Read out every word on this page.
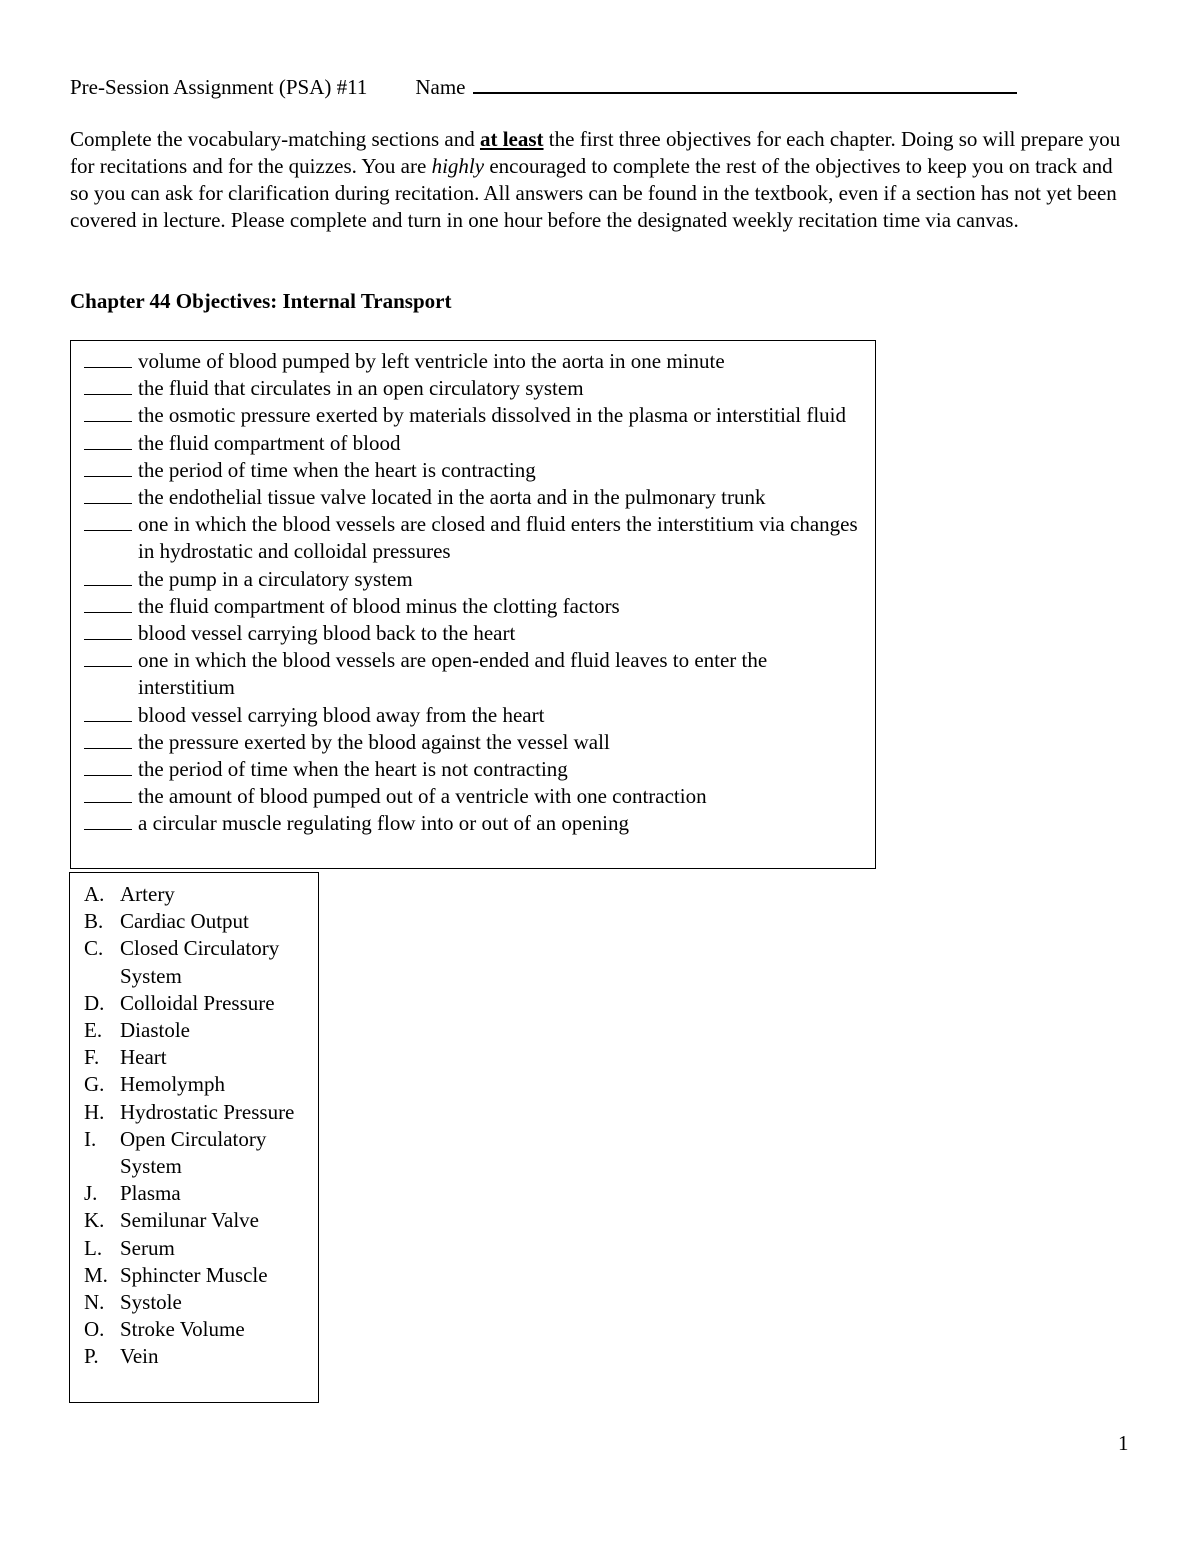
Pre-Session Assignment (PSA) #11 Name

Complete the vocabulary-matching sections and at least the first three objectives for each chapter. Doing so will prepare you for recitations and for the quizzes. You are highly encouraged to complete the rest of the objectives to keep you on track and so you can ask for clarification during recitation. All answers can be found in the textbook, even if a section has not yet been covered in lecture. Please complete and turn in one hour before the designated weekly recitation time via canvas.

Chapter 44 Objectives: Internal Transport
volume of blood pumped by left ventricle into the aorta in one minute
the fluid that circulates in an open circulatory system
the osmotic pressure exerted by materials dissolved in the plasma or interstitial fluid
the fluid compartment of blood
the period of time when the heart is contracting
the endothelial tissue valve located in the aorta and in the pulmonary trunk
one in which the blood vessels are closed and fluid enters the interstitium via changes in hydrostatic and colloidal pressures
the pump in a circulatory system
the fluid compartment of blood minus the clotting factors
blood vessel carrying blood back to the heart
one in which the blood vessels are open-ended and fluid leaves to enter the interstitium
blood vessel carrying blood away from the heart
the pressure exerted by the blood against the vessel wall
the period of time when the heart is not contracting
the amount of blood pumped out of a ventricle with one contraction
a circular muscle regulating flow into or out of an opening
A. Artery
B. Cardiac Output
C. Closed Circulatory System
D. Colloidal Pressure
E. Diastole
F. Heart
G. Hemolymph
H. Hydrostatic Pressure
I.	Open Circulatory System
J.	Plasma
K. Semilunar Valve
L. Serum
M. Sphincter Muscle
N. Systole
O. Stroke Volume
P.	Vein
1
